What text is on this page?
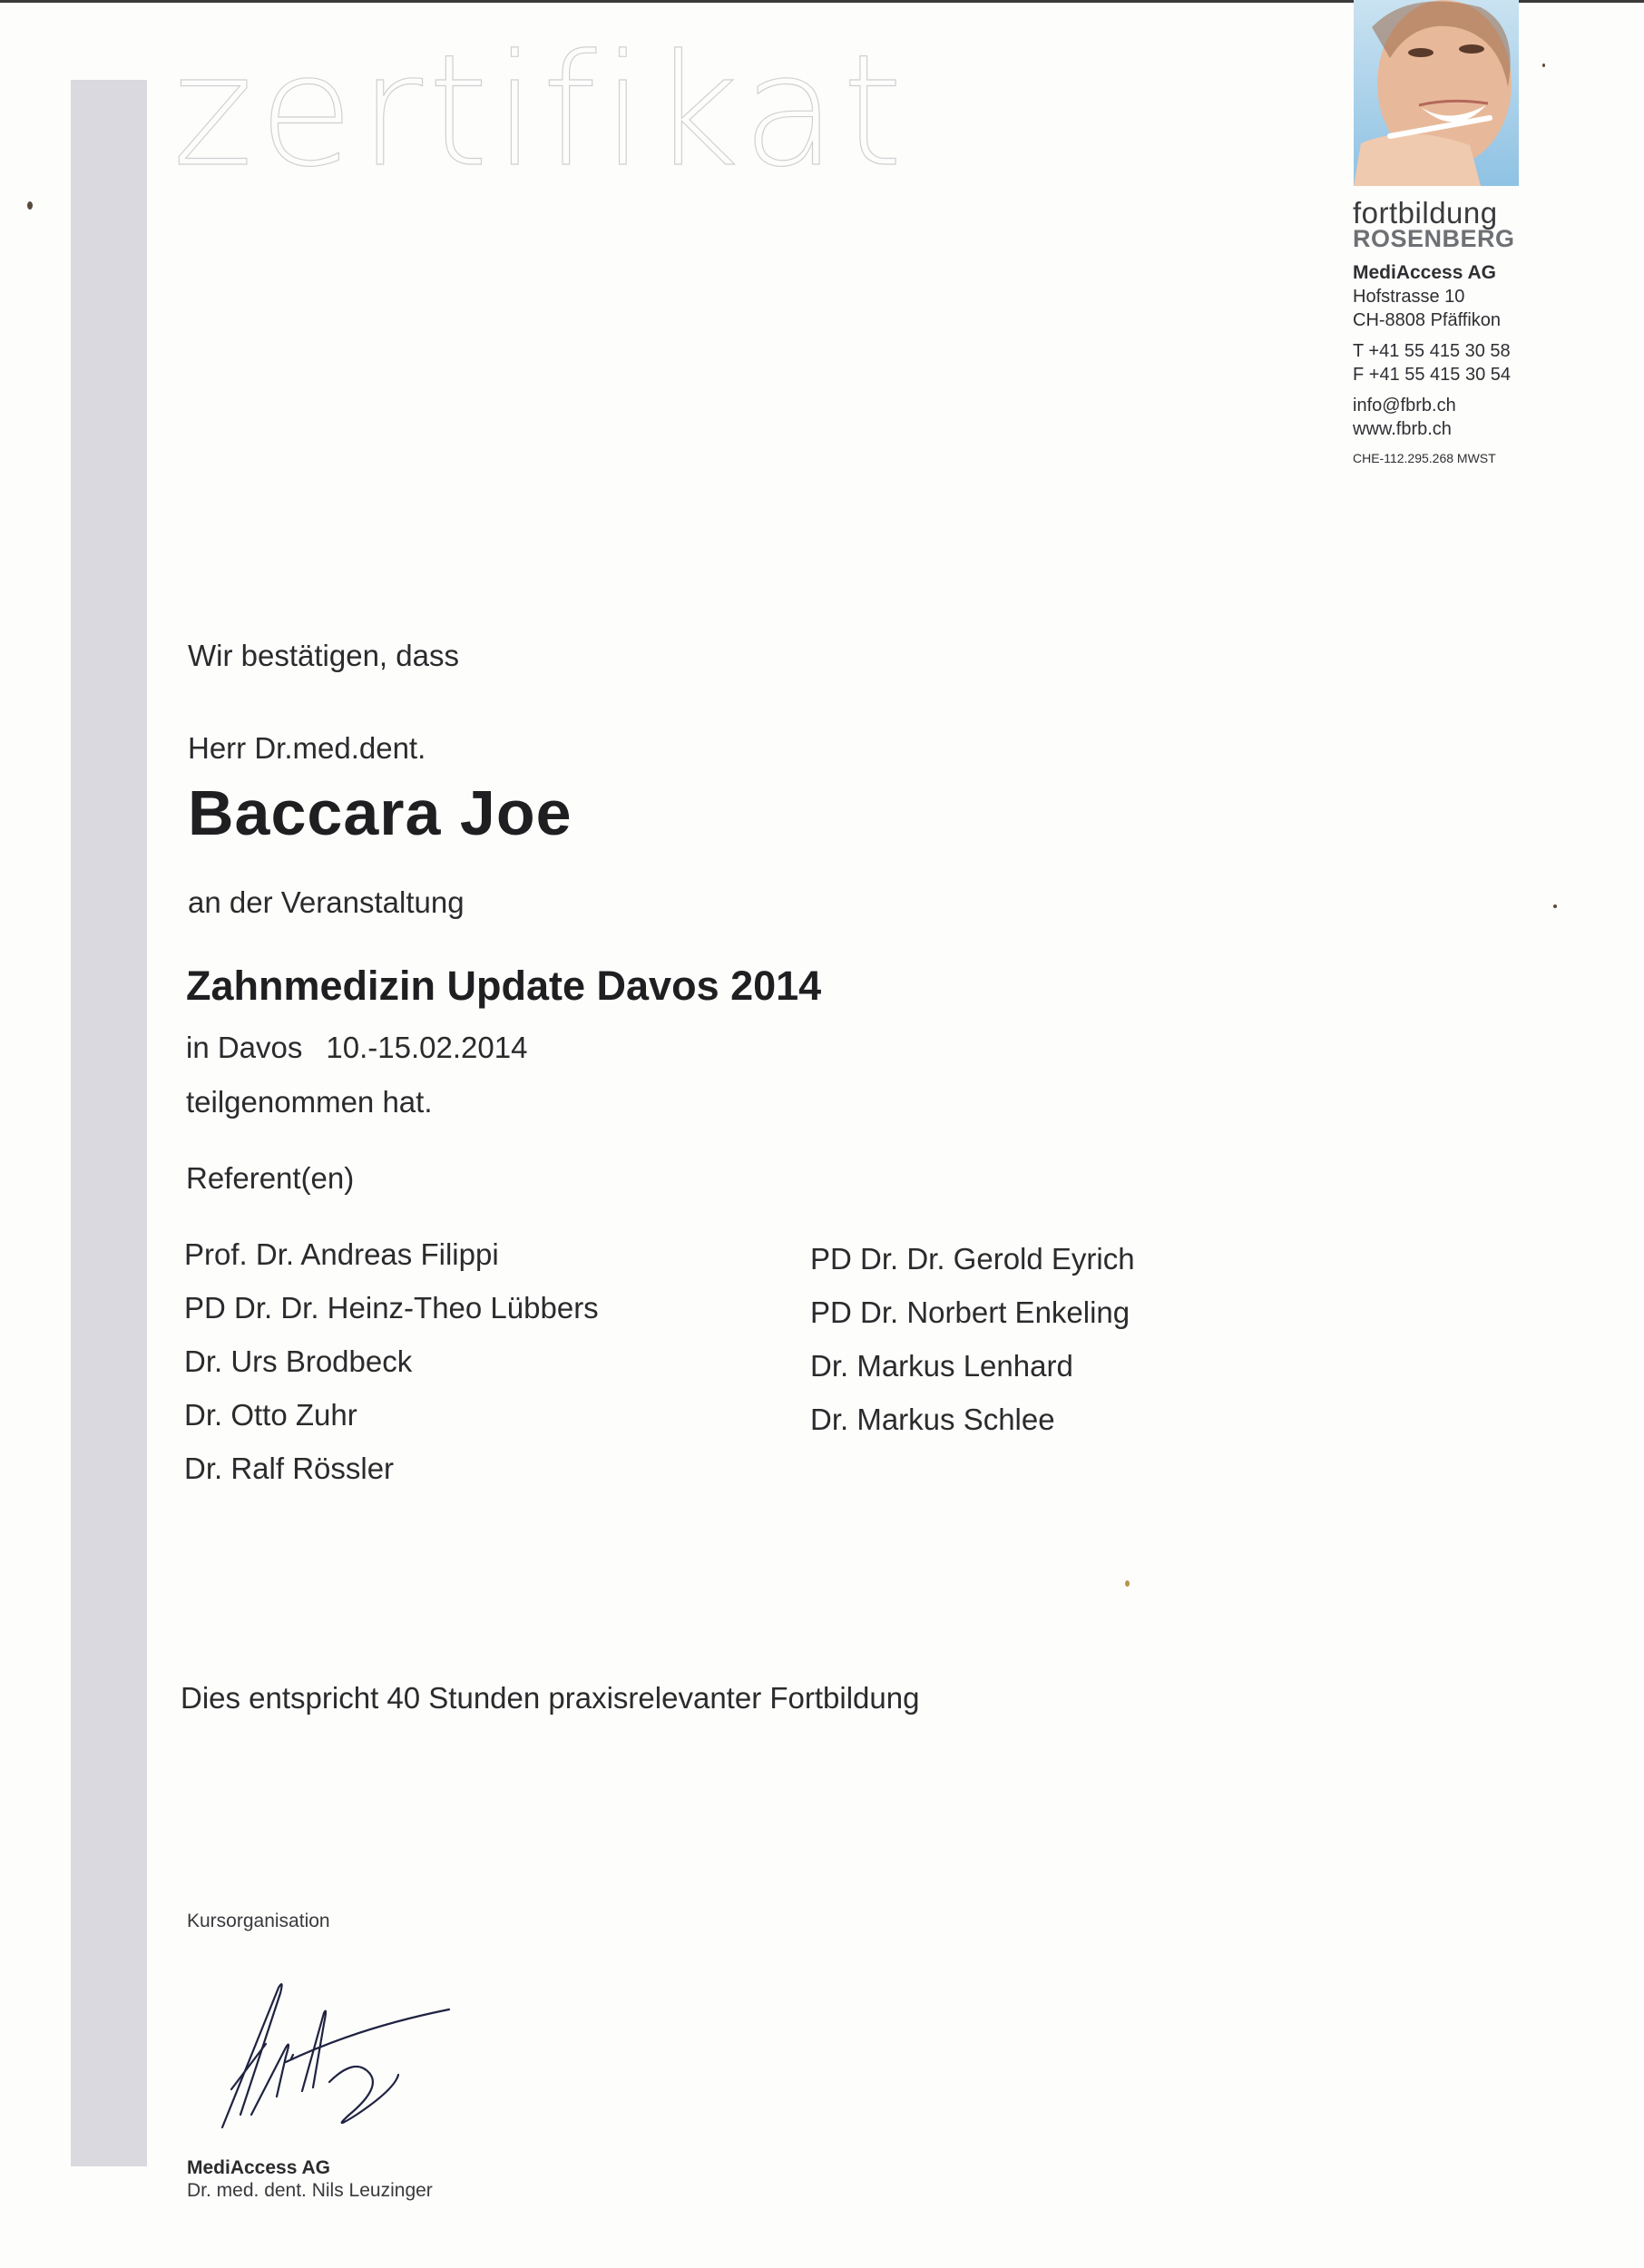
zertifikat
fortbildung
ROSENBERG
MediAccess AG
Hofstrasse 10
CH-8808 Pfäffikon
T +41 55 415 30 58
F +41 55 415 30 54
info@fbrb.ch
www.fbrb.ch
CHE-112.295.268 MWST
Wir bestätigen, dass
Herr Dr.med.dent.
Baccara Joe
an der Veranstaltung
Zahnmedizin Update Davos 2014
in Davos 10.-15.02.2014
teilgenommen hat.
Referent(en)
Prof. Dr. Andreas Filippi
PD Dr. Dr. Heinz-Theo Lübbers
Dr. Urs Brodbeck
Dr. Otto Zuhr
Dr. Ralf Rössler
PD Dr. Dr. Gerold Eyrich
PD Dr. Norbert Enkeling
Dr. Markus Lenhard
Dr. Markus Schlee
Dies entspricht 40 Stunden praxisrelevanter Fortbildung
Kursorganisation
MediAccess AG
Dr. med. dent. Nils Leuzinger
